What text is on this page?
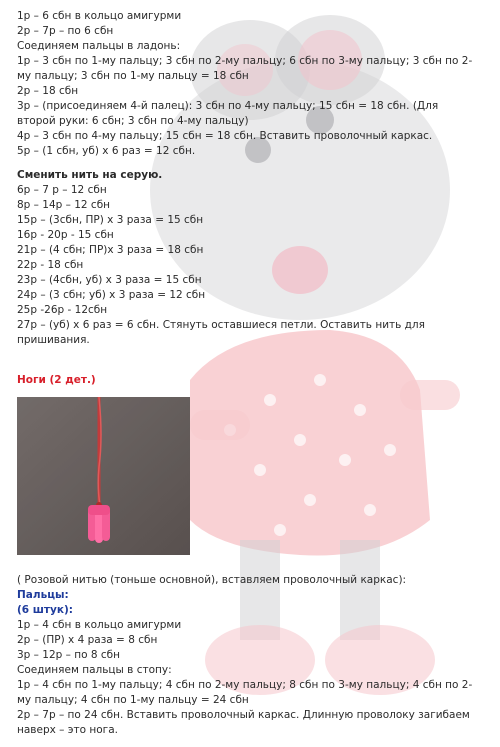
1р – 6 сбн в кольцо амигурми
2р – 7р – по 6 сбн
Соединяем пальцы в ладонь:
1р – 3 сбн по 1-му пальцу; 3 сбн по 2-му пальцу; 6 сбн по 3-му пальцу; 3 сбн по 2-
му пальцу; 3 сбн по 1-му пальцу = 18 сбн
2р – 18 сбн
3р – (присоединяем 4-й палец): 3 сбн по 4-му пальцу; 15 сбн = 18 сбн. (Для
второй руки: 6 сбн; 3 сбн по 4-му пальцу)
4р – 3 сбн по 4-му пальцу; 15 сбн = 18 сбн. Вставить проволочный каркас.
5р – (1 сбн, уб) х 6 раз = 12 сбн.
Сменить нить на серую.
6р – 7 р – 12 сбн
8р – 14р – 12 сбн
15р – (3сбн, ПР) х 3 раза = 15 сбн
16р - 20р - 15 сбн
21р – (4 сбн; ПР)х 3 раза = 18 сбн
22р - 18 сбн
23р – (4сбн, уб) х 3 раза = 15 сбн
24р – (3 сбн; уб) х 3 раза = 12 сбн
25р -26р - 12сбн
27р – (уб) х 6 раз = 6 сбн. Стянуть оставшиеся петли. Оставить нить для
пришивания.
Ноги (2 дет.)
( Розовой нитью (тоньше основной), вставляем проволочный каркас):
Пальцы:
(6 штук):
1р – 4 сбн в кольцо амигурми
2р – (ПР) х 4 раза = 8 сбн
3р – 12р – по 8 сбн
Соединяем пальцы в стопу:
1р – 4 сбн по 1-му пальцу; 4 сбн по 2-му пальцу; 8 сбн по 3-му пальцу; 4 сбн по 2-
му пальцу; 4 сбн по 1-му пальцу = 24 сбн
2р – 7р – по 24 сбн. Вставить проволочный каркас. Длинную проволоку загибаем
наверх – это нога.
